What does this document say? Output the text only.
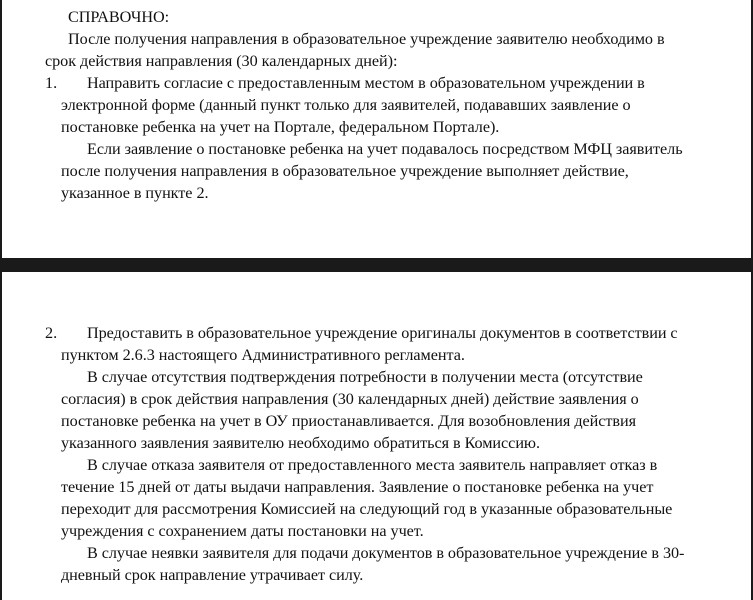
СПРАВОЧНО:
После получения направления в образовательное учреждение заявителю необходимо в
срок действия направления (30 календарных дней):
1. Направить согласие с предоставленным местом в образовательном учреждении в
электронной форме (данный пункт только для заявителей, подававших заявление о
постановке ребенка на учет на Портале, федеральном Портале).
Если заявление о постановке ребенка на учет подавалось посредством МФЦ заявитель
после получения направления в образовательное учреждение выполняет действие,
указанное в пункте 2.
2. Предоставить в образовательное учреждение оригиналы документов в соответствии с
пунктом 2.6.3 настоящего Административного регламента.
В случае отсутствия подтверждения потребности в получении места (отсутствие
согласия) в срок действия направления (30 календарных дней) действие заявления о
постановке ребенка на учет в ОУ приостанавливается. Для возобновления действия
указанного заявления заявителю необходимо обратиться в Комиссию.
В случае отказа заявителя от предоставленного места заявитель направляет отказ в
течение 15 дней от даты выдачи направления. Заявление о постановке ребенка на учет
переходит для рассмотрения Комиссией на следующий год в указанные образовательные
учреждения с сохранением даты постановки на учет.
В случае неявки заявителя для подачи документов в образовательное учреждение в 30-
дневный срок направление утрачивает силу.
